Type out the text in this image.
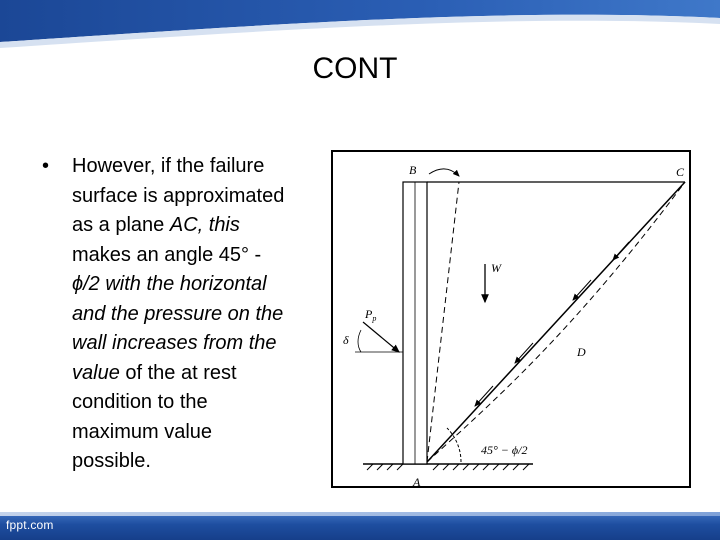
CONT
• However, if the failure
surface is approximated
as a plane AC, this
makes an angle 45° -
ϕ/2 with the horizontal
and the pressure on the
wall increases from the
value of the at rest
condition to the
maximum value
possible.
B	C
A
D
W
$P_p$
δ
45° − ϕ/2
fppt.com
